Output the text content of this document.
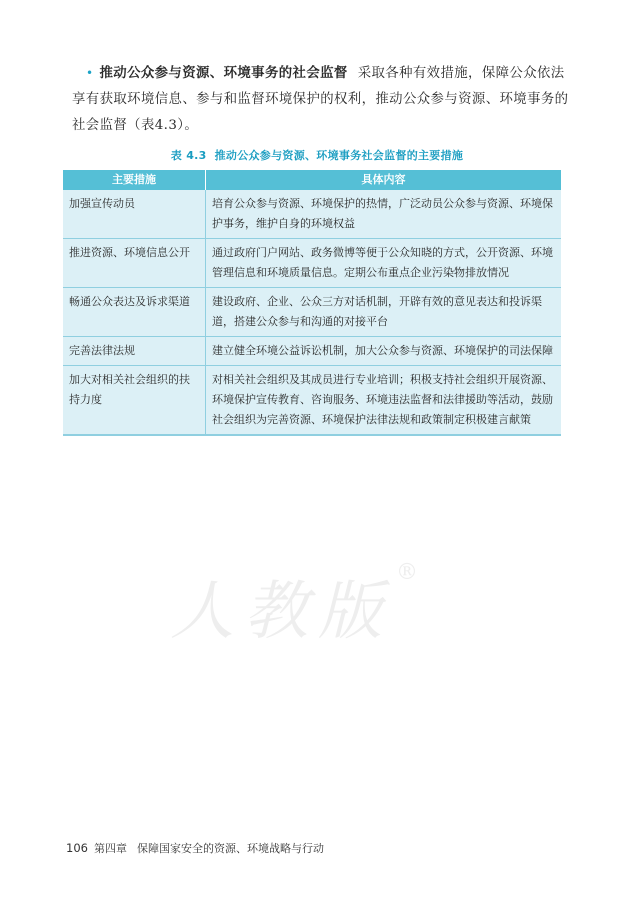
• 推动公众参与资源、环境事务的社会监督 采取各种有效措施，保障公众依法享有获取环境信息、参与和监督环境保护的权利，推动公众参与资源、环境事务的社会监督（表4.3）。
表 4.3 推动公众参与资源、环境事务社会监督的主要措施
主要措施	具体内容
加强宣传动员	培育公众参与资源、环境保护的热情，广泛动员公众参与资源、环境保护事务，维护自身的环境权益
推进资源、环境信息公开	通过政府门户网站、政务微博等便于公众知晓的方式，公开资源、环境管理信息和环境质量信息。定期公布重点企业污染物排放情况
畅通公众表达及诉求渠道	建设政府、企业、公众三方对话机制，开辟有效的意见表达和投诉渠道，搭建公众参与和沟通的对接平台
完善法律法规	建立健全环境公益诉讼机制，加大公众参与资源、环境保护的司法保障
加大对相关社会组织的扶持力度	对相关社会组织及其成员进行专业培训；积极支持社会组织开展资源、环境保护宣传教育、咨询服务、环境违法监督和法律援助等活动，鼓励社会组织为完善资源、环境保护法律法规和政策制定积极建言献策
人教版®
106 第四章 保障国家安全的资源、环境战略与行动
